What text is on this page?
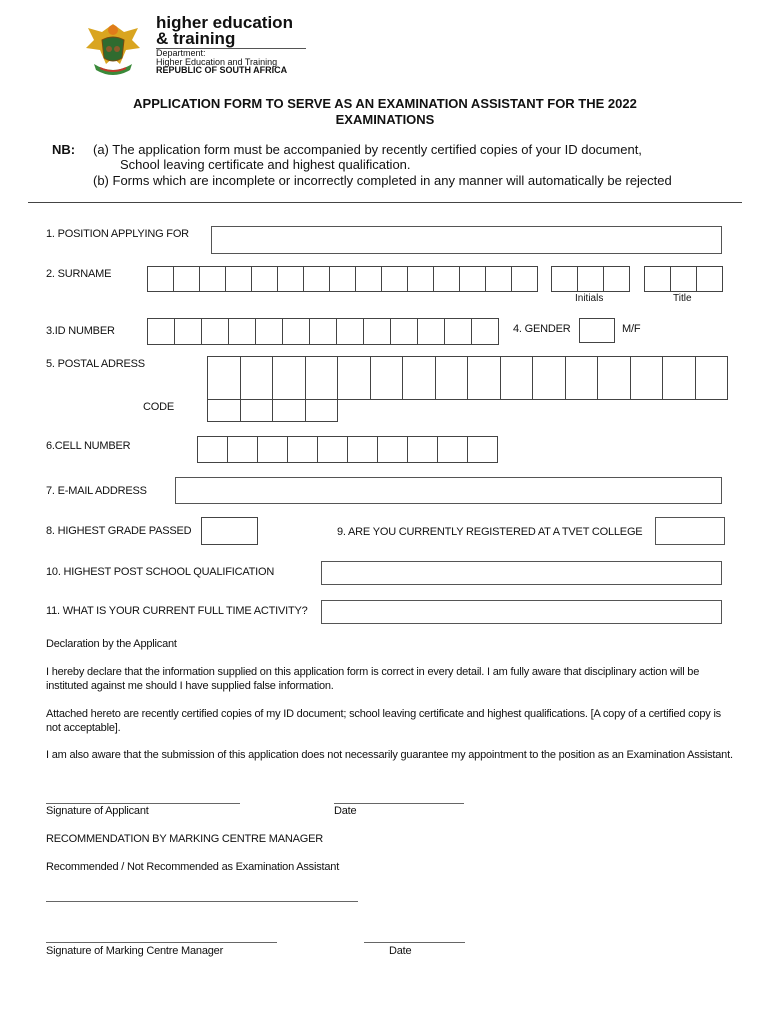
higher education
& training
Department:
Higher Education and Training
REPUBLIC OF SOUTH AFRICA
APPLICATION FORM TO SERVE AS AN EXAMINATION ASSISTANT FOR THE 2022
EXAMINATIONS
NB: (a) The application form must be accompanied by recently certified copies of your ID document,
School leaving certificate and highest qualification.
(b) Forms which are incomplete or incorrectly completed in any manner will automatically be rejected
1. POSITION APPLYING FOR
2. SURNAME
Initials	Title
3.ID NUMBER	4. GENDER	M/F
5. POSTAL ADRESS
CODE
6.CELL NUMBER
7. E-MAIL ADDRESS
8. HIGHEST GRADE PASSED	9. ARE YOU CURRENTLY REGISTERED AT A TVET COLLEGE
10. HIGHEST POST SCHOOL QUALIFICATION
11. WHAT IS YOUR CURRENT FULL TIME ACTIVITY?
Declaration by the Applicant
I hereby declare that the information supplied on this application form is correct in every detail. I am fully aware that disciplinary action will be
instituted against me should I have supplied false information.
Attached hereto are recently certified copies of my ID document; school leaving certificate and highest qualifications. [A copy of a certified copy is
not acceptable].
I am also aware that the submission of this application does not necessarily guarantee my appointment to the position as an Examination Assistant.
Signature of Applicant	Date
RECOMMENDATION BY MARKING CENTRE MANAGER
Recommended / Not Recommended as Examination Assistant
Signature of Marking Centre Manager	Date
